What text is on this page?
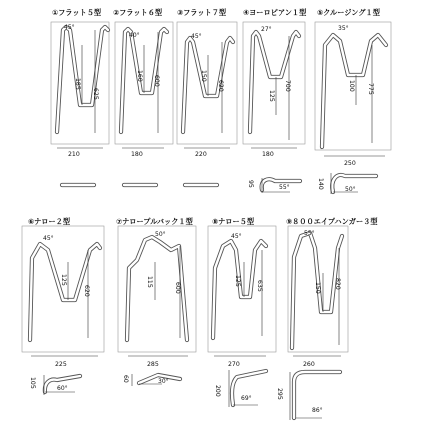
①フラット５型
45°
185
625
210
②フラット６型
40°
160 600
180
③フラット７型
45°
150
620
220
④ヨーロピアン１型
27°
125
700
180
95	55°
⑤クルージング１型
35°
100 775
250
140	50°
⑥ナロー２型
45°
125
620
225
105	60°
⑦ナロープルバック１型
50°
115
600
285
60	30°
⑧ナロー５型
45°
125 635
270
200
69°
⑨８００エイプハンガー３型
55°
150 820
260
295
86°
